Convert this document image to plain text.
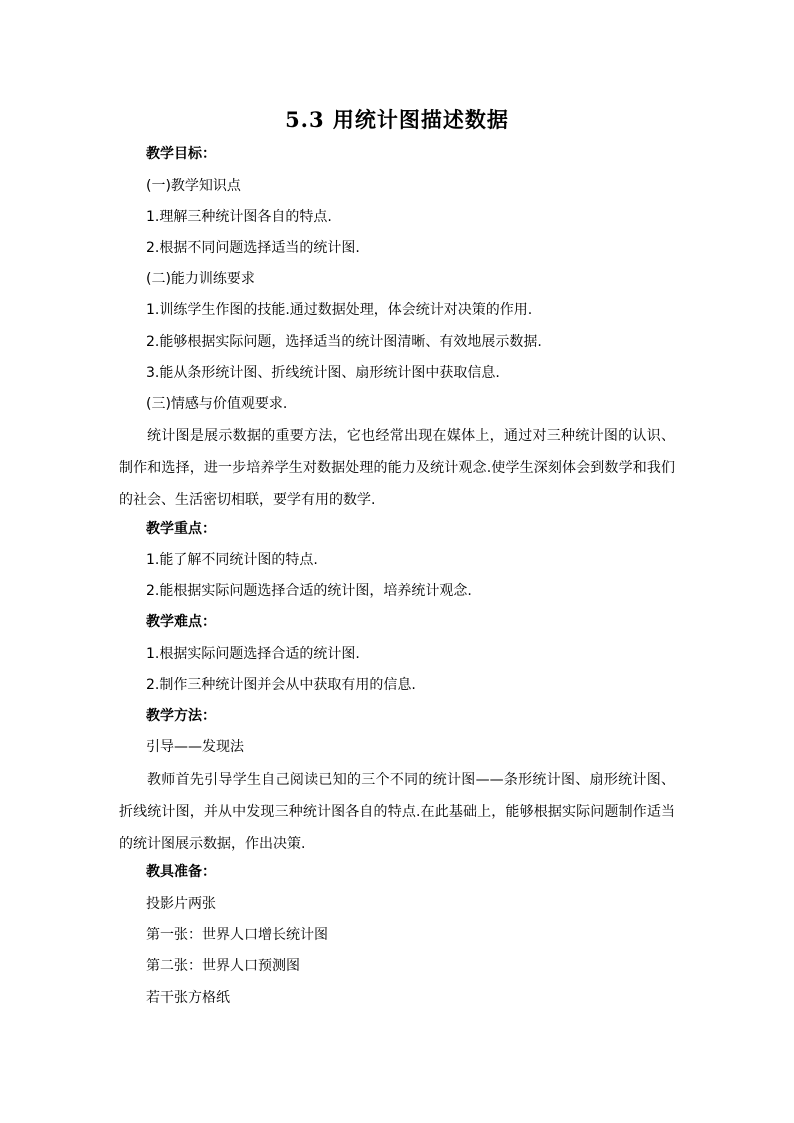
5.3 用统计图描述数据
教学目标：
(一)教学知识点
1.理解三种统计图各自的特点.
2.根据不同问题选择适当的统计图.
(二)能力训练要求
1.训练学生作图的技能.通过数据处理，体会统计对决策的作用.
2.能够根据实际问题，选择适当的统计图清晰、有效地展示数据.
3.能从条形统计图、折线统计图、扇形统计图中获取信息.
(三)情感与价值观要求.
统计图是展示数据的重要方法，它也经常出现在媒体上，通过对三种统计图的认识、制作和选择，进一步培养学生对数据处理的能力及统计观念.使学生深刻体会到数学和我们的社会、生活密切相联，要学有用的数学.
教学重点：
1.能了解不同统计图的特点.
2.能根据实际问题选择合适的统计图，培养统计观念.
教学难点：
1.根据实际问题选择合适的统计图.
2.制作三种统计图并会从中获取有用的信息.
教学方法：
引导——发现法
教师首先引导学生自己阅读已知的三个不同的统计图——条形统计图、扇形统计图、折线统计图，并从中发现三种统计图各自的特点.在此基础上，能够根据实际问题制作适当的统计图展示数据，作出决策.
教具准备：
投影片两张
第一张：世界人口增长统计图
第二张：世界人口预测图
若干张方格纸
